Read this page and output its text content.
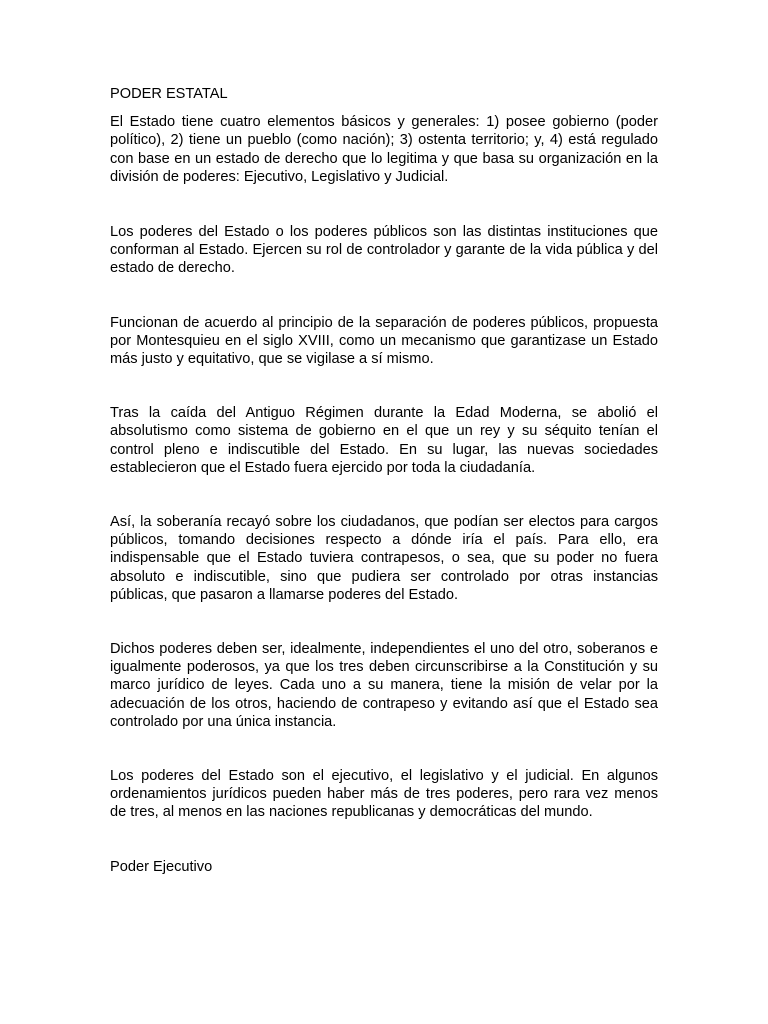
PODER ESTATAL

El Estado tiene cuatro elementos básicos y generales: 1) posee gobierno (poder político), 2) tiene un pueblo (como nación); 3) ostenta territorio; y, 4) está regulado con base en un estado de derecho que lo legitima y que basa su organización en la división de poderes: Ejecutivo, Legislativo y Judicial.

Los poderes del Estado o los poderes públicos son las distintas instituciones que conforman al Estado. Ejercen su rol de controlador y garante de la vida pública y del estado de derecho.

Funcionan de acuerdo al principio de la separación de poderes públicos, propuesta por Montesquieu en el siglo XVIII, como un mecanismo que garantizase un Estado más justo y equitativo, que se vigilase a sí mismo.

Tras la caída del Antiguo Régimen durante la Edad Moderna, se abolió el absolutismo como sistema de gobierno en el que un rey y su séquito tenían el control pleno e indiscutible del Estado. En su lugar, las nuevas sociedades establecieron que el Estado fuera ejercido por toda la ciudadanía.

Así, la soberanía recayó sobre los ciudadanos, que podían ser electos para cargos públicos, tomando decisiones respecto a dónde iría el país. Para ello, era indispensable que el Estado tuviera contrapesos, o sea, que su poder no fuera absoluto e indiscutible, sino que pudiera ser controlado por otras instancias públicas, que pasaron a llamarse poderes del Estado.

Dichos poderes deben ser, idealmente, independientes el uno del otro, soberanos e igualmente poderosos, ya que los tres deben circunscribirse a la Constitución y su marco jurídico de leyes. Cada uno a su manera, tiene la misión de velar por la adecuación de los otros, haciendo de contrapeso y evitando así que el Estado sea controlado por una única instancia.

Los poderes del Estado son el ejecutivo, el legislativo y el judicial. En algunos ordenamientos jurídicos pueden haber más de tres poderes, pero rara vez menos de tres, al menos en las naciones republicanas y democráticas del mundo.

Poder Ejecutivo
